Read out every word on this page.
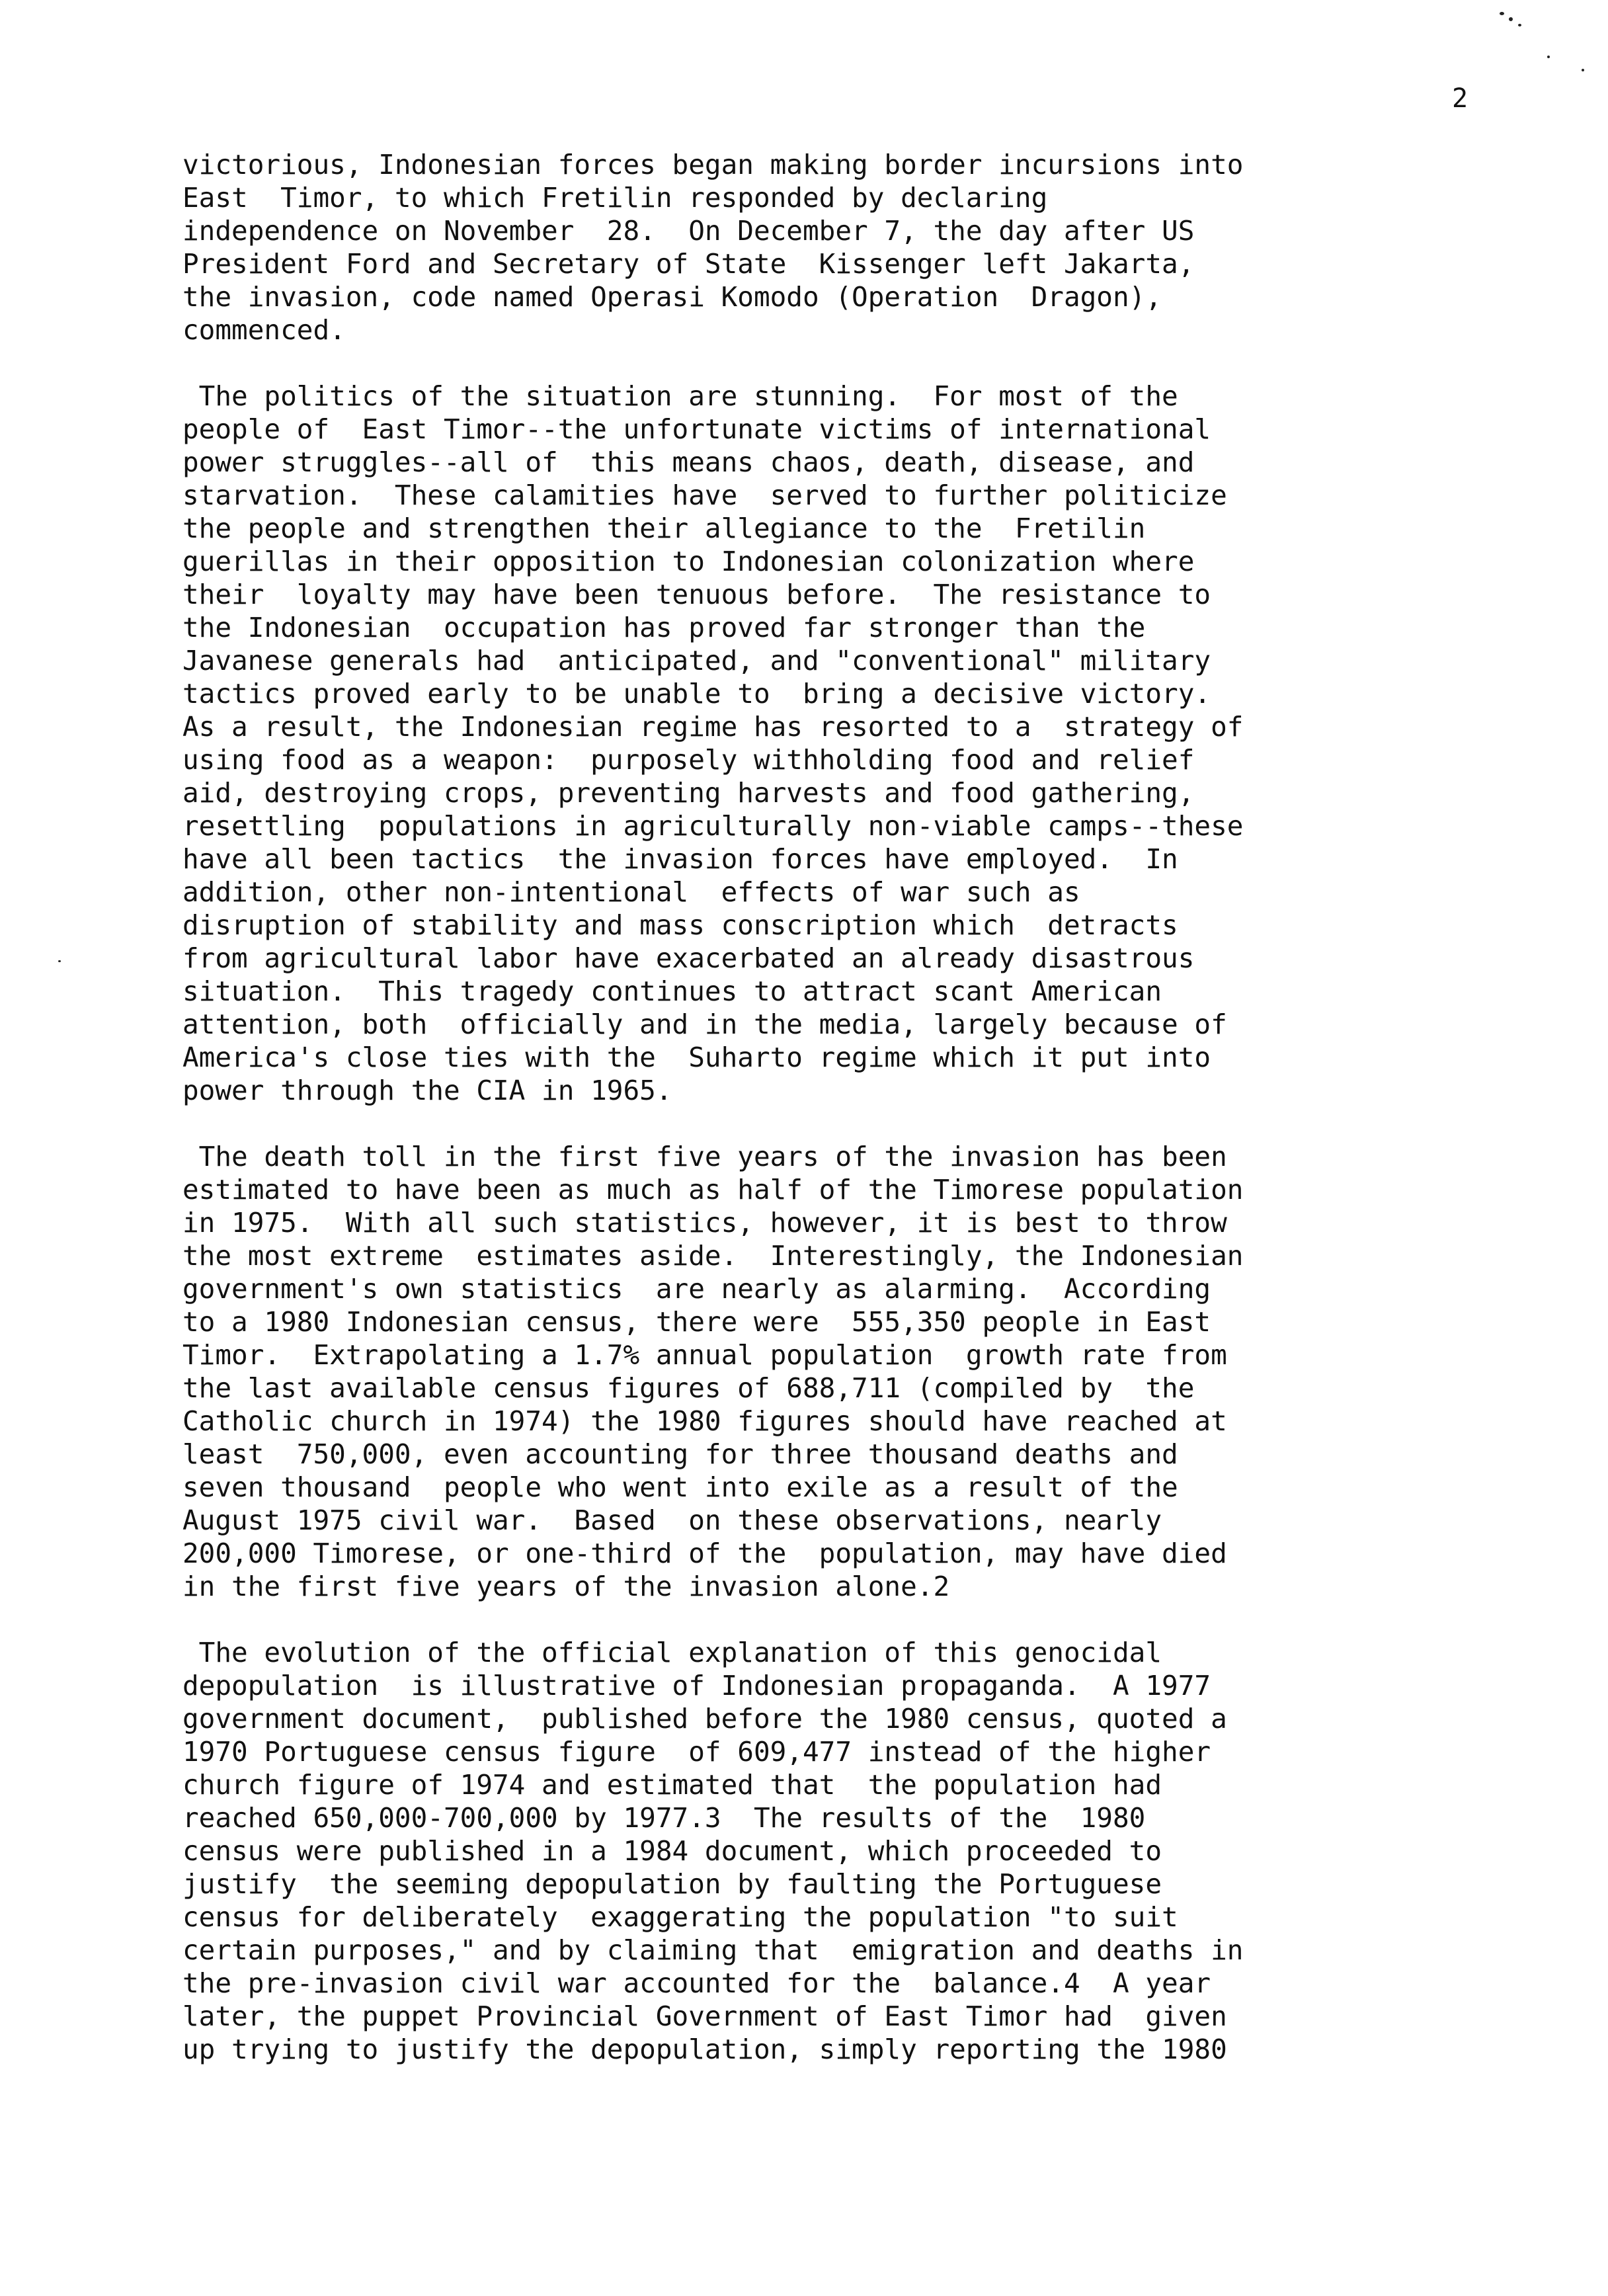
2
victorious, Indonesian forces began making border incursions into
East  Timor, to which Fretilin responded by declaring
independence on November  28.  On December 7, the day after US
President Ford and Secretary of State  Kissenger left Jakarta,
the invasion, code named Operasi Komodo (Operation  Dragon),
commenced.
The politics of the situation are stunning.  For most of the
people of  East Timor--the unfortunate victims of international
power struggles--all of  this means chaos, death, disease, and
starvation.  These calamities have  served to further politicize
the people and strengthen their allegiance to the  Fretilin
guerillas in their opposition to Indonesian colonization where
their  loyalty may have been tenuous before.  The resistance to
the Indonesian  occupation has proved far stronger than the
Javanese generals had  anticipated, and "conventional" military
tactics proved early to be unable to  bring a decisive victory.
As a result, the Indonesian regime has resorted to a  strategy of
using food as a weapon:  purposely withholding food and relief
aid, destroying crops, preventing harvests and food gathering,
resettling  populations in agriculturally non-viable camps--these
have all been tactics  the invasion forces have employed.  In
addition, other non-intentional  effects of war such as
disruption of stability and mass conscription which  detracts
from agricultural labor have exacerbated an already disastrous
situation.  This tragedy continues to attract scant American
attention, both  officially and in the media, largely because of
America's close ties with the  Suharto regime which it put into
power through the CIA in 1965.
The death toll in the first five years of the invasion has been
estimated to have been as much as half of the Timorese population
in 1975.  With all such statistics, however, it is best to throw
the most extreme  estimates aside.  Interestingly, the Indonesian
government's own statistics  are nearly as alarming.  According
to a 1980 Indonesian census, there were  555,350 people in East
Timor.  Extrapolating a 1.7% annual population  growth rate from
the last available census figures of 688,711 (compiled by  the
Catholic church in 1974) the 1980 figures should have reached at
least  750,000, even accounting for three thousand deaths and
seven thousand  people who went into exile as a result of the
August 1975 civil war.  Based  on these observations, nearly
200,000 Timorese, or one-third of the  population, may have died
in the first five years of the invasion alone.2
The evolution of the official explanation of this genocidal
depopulation  is illustrative of Indonesian propaganda.  A 1977
government document,  published before the 1980 census, quoted a
1970 Portuguese census figure  of 609,477 instead of the higher
church figure of 1974 and estimated that  the population had
reached 650,000-700,000 by 1977.3  The results of the  1980
census were published in a 1984 document, which proceeded to
justify  the seeming depopulation by faulting the Portuguese
census for deliberately  exaggerating the population "to suit
certain purposes," and by claiming that  emigration and deaths in
the pre-invasion civil war accounted for the  balance.4  A year
later, the puppet Provincial Government of East Timor had  given
up trying to justify the depopulation, simply reporting the 1980
